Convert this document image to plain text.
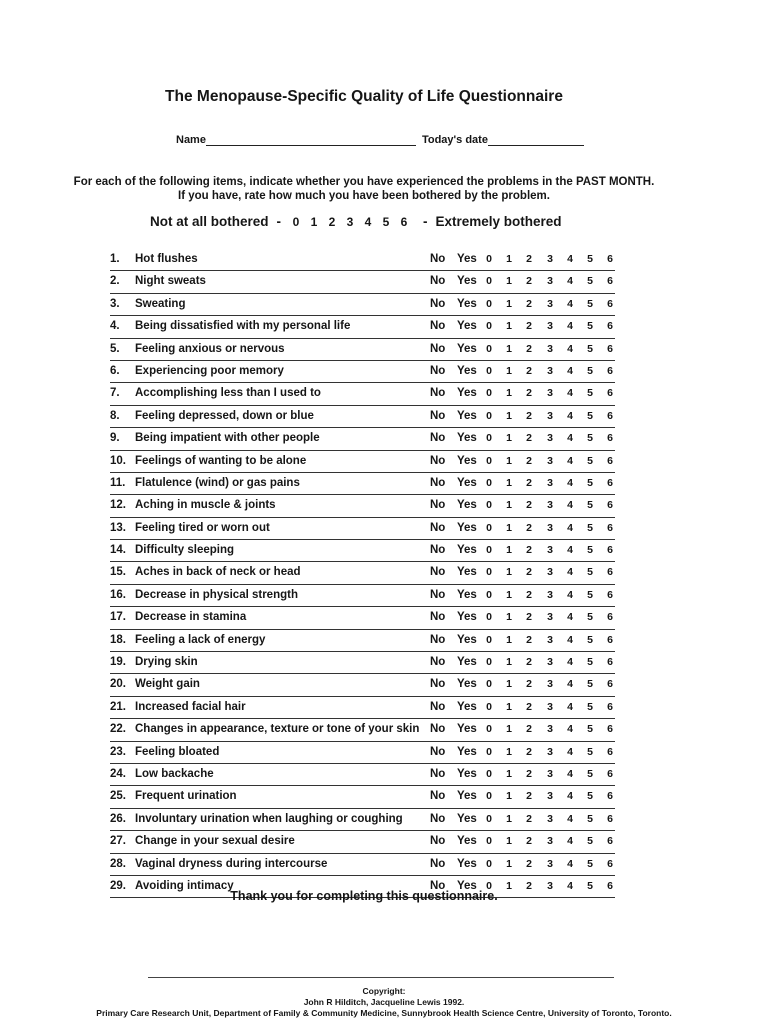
The Menopause-Specific Quality of Life Questionnaire
Name	Today's date
For each of the following items, indicate whether you have experienced the problems in the PAST MONTH.
If you have, rate how much you have been bothered by the problem.
Not at all bothered - 0 1 2 3 4 5 6	- Extremely bothered
1.	Hot flushes	No Yes 0	1	2	3	4	5	6
2.	Night sweats	No Yes 0	1	2	3	4	5	6
3.	Sweating	No Yes 0	1	2	3	4	5	6
4.	Being dissatisfied with my personal life	No Yes 0	1	2	3	4	5	6
5.	Feeling anxious or nervous	No Yes 0	1	2	3	4	5	6
6.	Experiencing poor memory	No Yes 0	1	2	3	4	5	6
7.	Accomplishing less than I used to	No Yes 0	1	2	3	4	5	6
8.	Feeling depressed, down or blue	No Yes 0	1	2	3	4	5	6
9.	Being impatient with other people	No Yes 0	1	2	3	4	5	6
10. Feelings of wanting to be alone	No Yes 0	1	2	3	4	5	6
11. Flatulence (wind) or gas pains	No Yes 0	1	2	3	4	5	6
12. Aching in muscle & joints	No Yes 0	1	2	3	4	5	6
13. Feeling tired or worn out	No Yes 0	1	2	3	4	5	6
14. Difficulty sleeping	No Yes 0	1	2	3	4	5	6
15. Aches in back of neck or head	No Yes 0	1	2	3	4	5	6
16. Decrease in physical strength	No Yes 0	1	2	3	4	5	6
17. Decrease in stamina	No Yes 0	1	2	3	4	5	6
18. Feeling a lack of energy	No Yes 0	1	2	3	4	5	6
19. Drying skin	No Yes 0	1	2	3	4	5	6
20. Weight gain	No Yes 0	1	2	3	4	5	6
21. Increased facial hair	No Yes 0	1	2	3	4	5	6
22. Changes in appearance, texture or tone of your skin No Yes 0	1	2	3	4	5	6
23. Feeling bloated	No Yes 0	1	2	3	4	5	6
24. Low backache	No Yes 0	1	2	3	4	5	6
25. Frequent urination	No Yes 0	1	2	3	4	5	6
26. Involuntary urination when laughing or coughing No Yes 0	1	2	3	4	5	6
27. Change in your sexual desire	No Yes 0	1	2	3	4	5	6
28. Vaginal dryness during intercourse	No Yes 0	1	2	3	4	5	6
29. Avoiding intimacy	No Yes 0	1	2	3	4	5	6
Thank you for completing this questionnaire.
Copyright:
John R Hilditch, Jacqueline Lewis 1992.
Primary Care Research Unit, Department of Family & Community Medicine, Sunnybrook Health Science Centre, University of Toronto, Toronto.
